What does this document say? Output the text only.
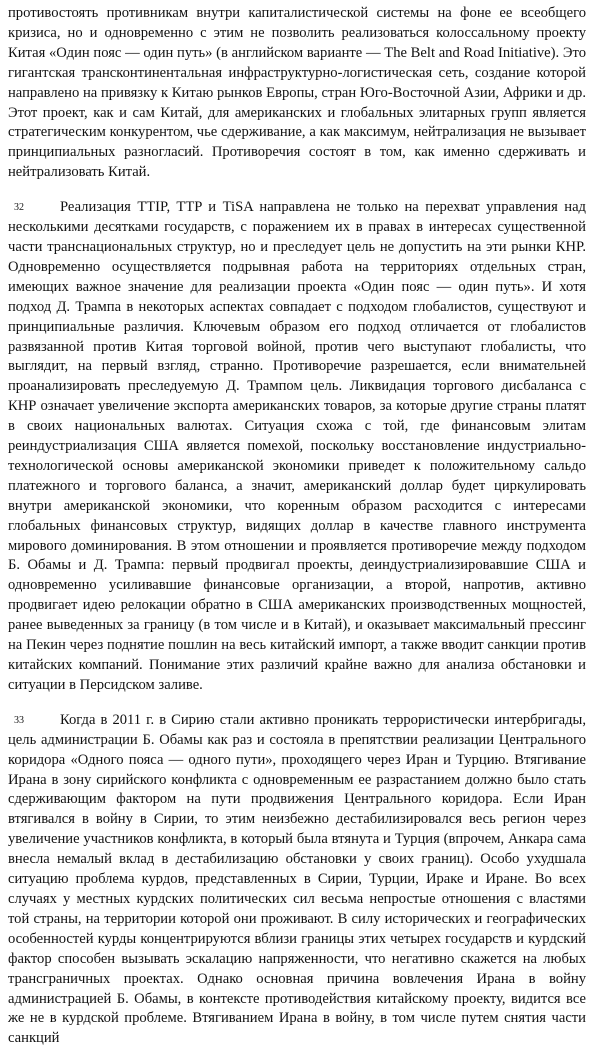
противостоять противникам внутри капиталистической системы на фоне ее всеобщего кризиса, но и одновременно с этим не позволить реализоваться колоссальному проекту Китая «Один пояс — один путь» (в английском варианте — The Belt and Road Initiative). Это гигантская трансконтинентальная инфраструктурно-логистическая сеть, создание которой направлено на привязку к Китаю рынков Европы, стран Юго-Восточной Азии, Африки и др. Этот проект, как и сам Китай, для американских и глобальных элитарных групп является стратегическим конкурентом, чье сдерживание, а как максимум, нейтрализация не вызывает принципиальных разногласий. Противоречия состоят в том, как именно сдерживать и нейтрализовать Китай.

32 Реализация TTIP, TTP и TiSA направлена не только на перехват управления над несколькими десятками государств, с поражением их в правах в интересах существенной части транснациональных структур, но и преследует цель не допустить на эти рынки КНР. Одновременно осуществляется подрывная работа на территориях отдельных стран, имеющих важное значение для реализации проекта «Один пояс — один путь». И хотя подход Д. Трампа в некоторых аспектах совпадает с подходом глобалистов, существуют и принципиальные различия. Ключевым образом его подход отличается от глобалистов развязанной против Китая торговой войной, против чего выступают глобалисты, что выглядит, на первый взгляд, странно. Противоречие разрешается, если внимательней проанализировать преследуемую Д. Трампом цель. Ликвидация торгового дисбаланса с КНР означает увеличение экспорта американских товаров, за которые другие страны платят в своих национальных валютах. Ситуация схожа с той, где финансовым элитам реиндустриализация США является помехой, поскольку восстановление индустриально-технологической основы американской экономики приведет к положительному сальдо платежного и торгового баланса, а значит, американский доллар будет циркулировать внутри американской экономики, что коренным образом расходится с интересами глобальных финансовых структур, видящих доллар в качестве главного инструмента мирового доминирования. В этом отношении и проявляется противоречие между подходом Б. Обамы и Д. Трампа: первый продвигал проекты, деиндустриализировавшие США и одновременно усиливавшие финансовые организации, а второй, напротив, активно продвигает идею релокации обратно в США американских производственных мощностей, ранее выведенных за границу (в том числе и в Китай), и оказывает максимальный прессинг на Пекин через поднятие пошлин на весь китайский импорт, а также вводит санкции против китайских компаний. Понимание этих различий крайне важно для анализа обстановки и ситуации в Персидском заливе.

33 Когда в 2011 г. в Сирию стали активно проникать террористически интербригады, цель администрации Б. Обамы как раз и состояла в препятствии реализации Центрального коридора «Одного пояса — одного пути», проходящего через Иран и Турцию. Втягивание Ирана в зону сирийского конфликта с одновременным ее разрастанием должно было стать сдерживающим фактором на пути продвижения Центрального коридора. Если Иран втягивался в войну в Сирии, то этим неизбежно дестабилизировался весь регион через увеличение участников конфликта, в который была втянута и Турция (впрочем, Анкара сама внесла немалый вклад в дестабилизацию обстановки у своих границ). Особо ухудшала ситуацию проблема курдов, представленных в Сирии, Турции, Ираке и Иране. Во всех случаях у местных курдских политических сил весьма непростые отношения с властями той страны, на территории которой они проживают. В силу исторических и географических особенностей курды концентрируются вблизи границы этих четырех государств и курдский фактор способен вызывать эскалацию напряженности, что негативно скажется на любых трансграничных проектах. Однако основная причина вовлечения Ирана в войну администрацией Б. Обамы, в контексте противодействия китайскому проекту, видится все же не в курдской проблеме. Втягиванием Ирана в войну, в том числе путем снятия части санкций
